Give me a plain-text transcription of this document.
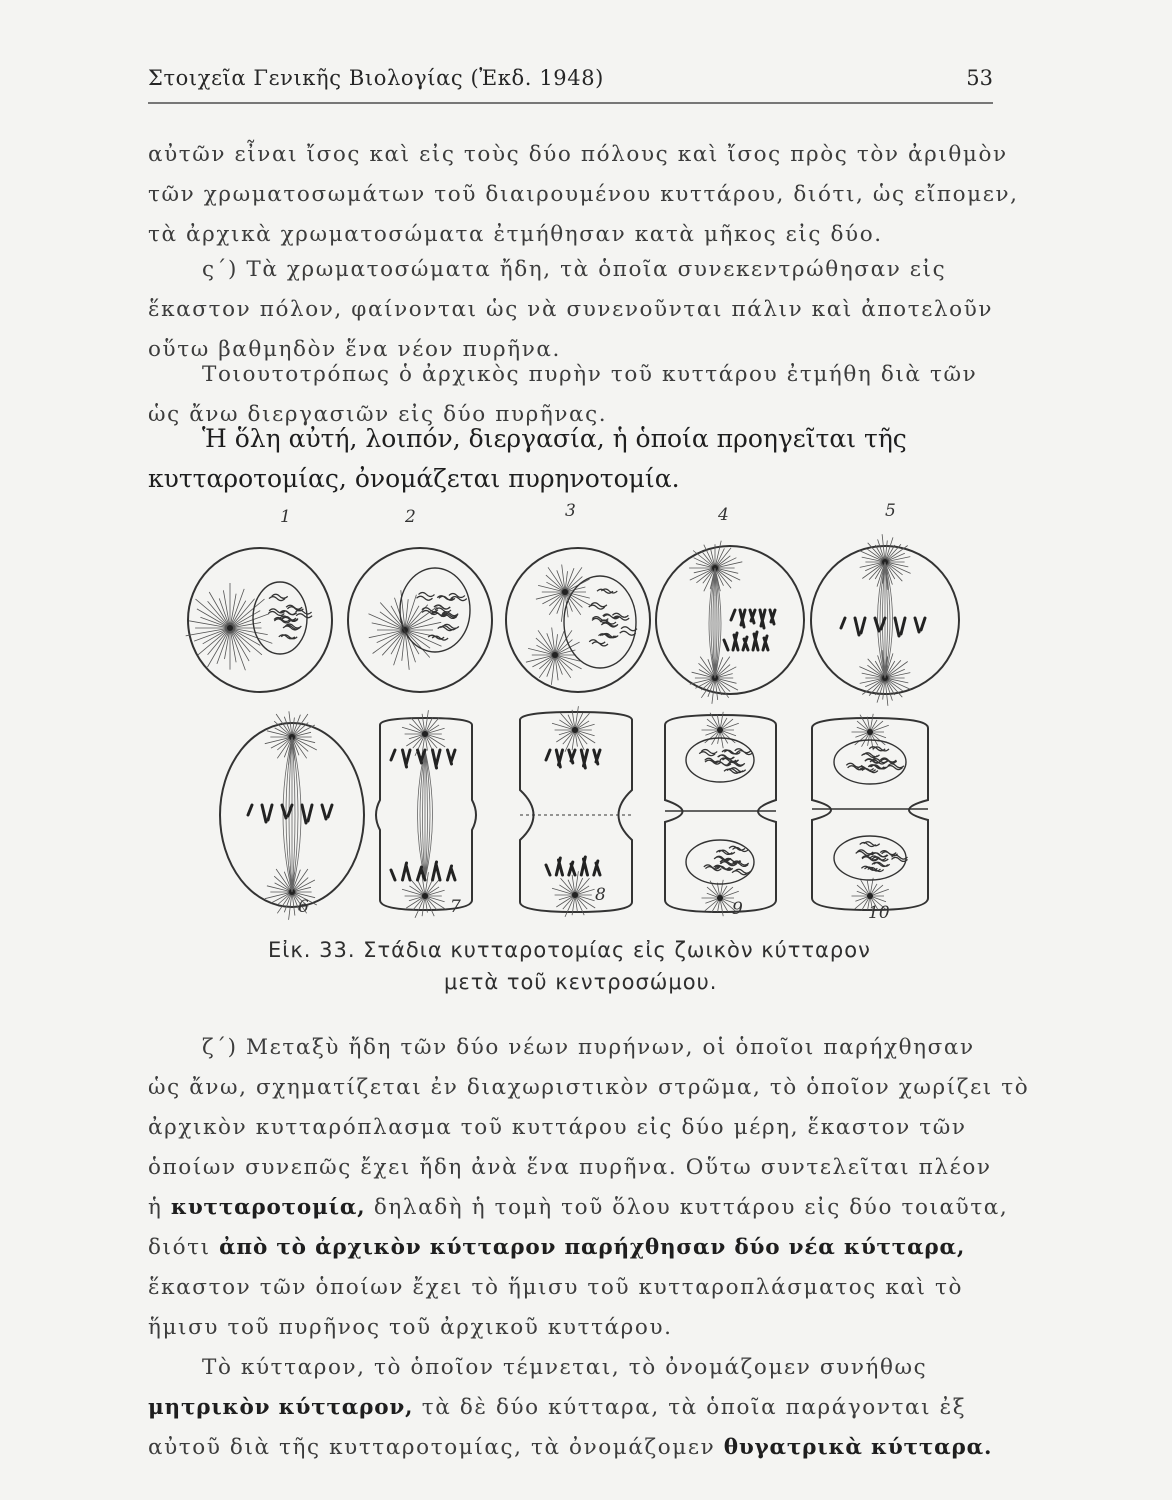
Στοιχεῖα Γενικῆς Βιολογίας (Ἐκδ. 1948)	53
αὐτῶν εἶναι ἴσος καὶ εἰς τοὺς δύο πόλους καὶ ἴσος πρὸς τὸν ἀριθμὸν
τῶν χρωματοσωμάτων τοῦ διαιρουμένου κυττάρου, διότι, ὡς εἴπομεν,
τὰ ἀρχικὰ χρωματοσώματα ἐτμήθησαν κατὰ μῆκος εἰς δύο.
ς΄) Τὰ χρωματοσώματα ἤδη, τὰ ὁποῖα συνεκεντρώθησαν εἰς
ἕκαστον πόλον, φαίνονται ὡς νὰ συνενοῦνται πάλιν καὶ ἀποτελοῦν
οὕτω βαθμηδὸν ἕνα νέον πυρῆνα.
Τοιουτοτρόπως ὁ ἀρχικὸς πυρὴν τοῦ κυττάρου ἐτμήθη διὰ τῶν
ὡς ἄνω διεργασιῶν εἰς δύο πυρῆνας.
Ἡ ὅλη αὐτή, λοιπόν, διεργασία, ἡ ὁποία προηγεῖται τῆς
κυτταροτομίας, ὀνομάζεται πυρηνοτομία.
1	2	3	4	5
6	7
8
9	10
Εἰκ. 33. Στάδια κυτταροτομίας εἰς ζωικὸν κύτταρον
μετὰ τοῦ κεντροσώμου.
ζ΄) Μεταξὺ ἤδη τῶν δύο νέων πυρήνων, οἱ ὁποῖοι παρήχθησαν
ὡς ἄνω, σχηματίζεται ἐν διαχωριστικὸν στρῶμα, τὸ ὁποῖον χωρίζει τὸ
ἀρχικὸν κυτταρόπλασμα τοῦ κυττάρου εἰς δύο μέρη, ἕκαστον τῶν
ὁποίων συνεπῶς ἔχει ἤδη ἀνὰ ἕνα πυρῆνα. Οὕτω συντελεῖται πλέον
ἡ κυτταροτομία, δηλαδὴ ἡ τομὴ τοῦ ὅλου κυττάρου εἰς δύο τοιαῦτα,
διότι ἀπὸ τὸ ἀρχικὸν κύτταρον παρήχθησαν δύο νέα κύτταρα,
ἕκαστον τῶν ὁποίων ἔχει τὸ ἥμισυ τοῦ κυτταροπλάσματος καὶ τὸ
ἥμισυ τοῦ πυρῆνος τοῦ ἀρχικοῦ κυττάρου.
Τὸ κύτταρον, τὸ ὁποῖον τέμνεται, τὸ ὀνομάζομεν συνήθως
μητρικὸν κύτταρον, τὰ δὲ δύο κύτταρα, τὰ ὁποῖα παράγονται ἐξ
αὐτοῦ διὰ τῆς κυτταροτομίας, τὰ ὀνομάζομεν θυγατρικὰ κύτταρα.
